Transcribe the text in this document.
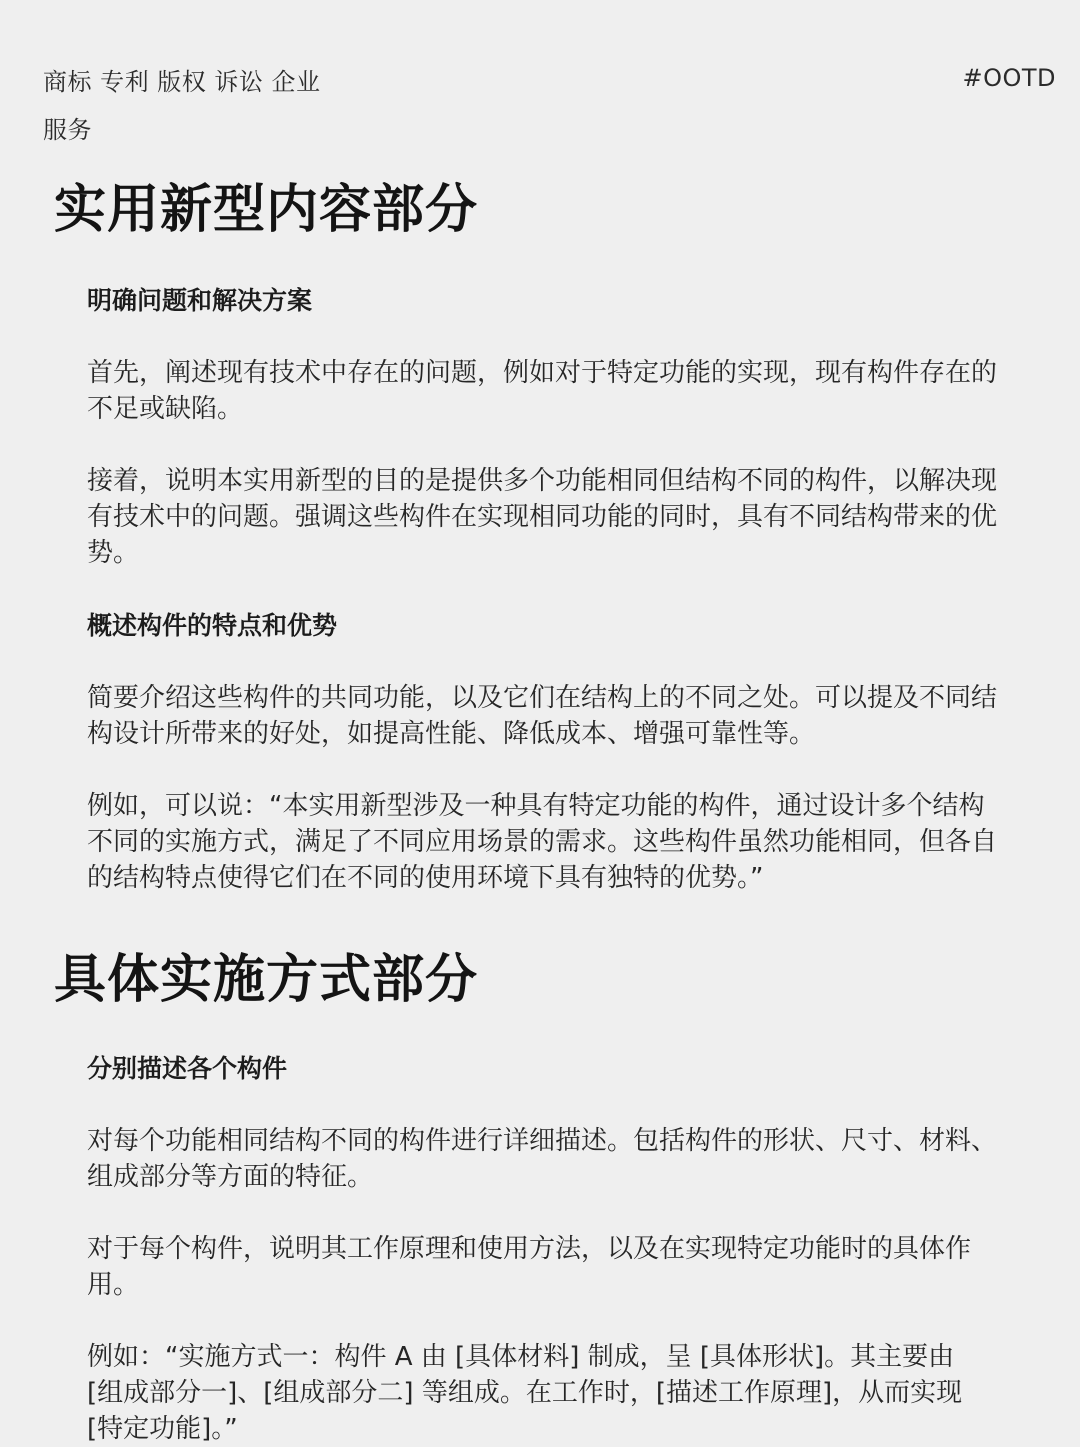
商标 专利 版权 诉讼 企业服务
#OOTD
实用新型内容部分
明确问题和解决方案
首先，阐述现有技术中存在的问题，例如对于特定功能的实现，现有构件存在的不足或缺陷。
接着，说明本实用新型的目的是提供多个功能相同但结构不同的构件，以解决现有技术中的问题。强调这些构件在实现相同功能的同时，具有不同结构带来的优势。
概述构件的特点和优势
简要介绍这些构件的共同功能，以及它们在结构上的不同之处。可以提及不同结构设计所带来的好处，如提高性能、降低成本、增强可靠性等。
例如，可以说：“本实用新型涉及一种具有特定功能的构件，通过设计多个结构不同的实施方式，满足了不同应用场景的需求。这些构件虽然功能相同，但各自的结构特点使得它们在不同的使用环境下具有独特的优势。”
具体实施方式部分
分别描述各个构件
对每个功能相同结构不同的构件进行详细描述。包括构件的形状、尺寸、材料、组成部分等方面的特征。
对于每个构件，说明其工作原理和使用方法，以及在实现特定功能时的具体作用。
例如：“实施方式一：构件 A 由 [具体材料] 制成，呈 [具体形状]。其主要由 [组成部分一]、[组成部分二] 等组成。在工作时，[描述工作原理]，从而实现 [特定功能]。”
